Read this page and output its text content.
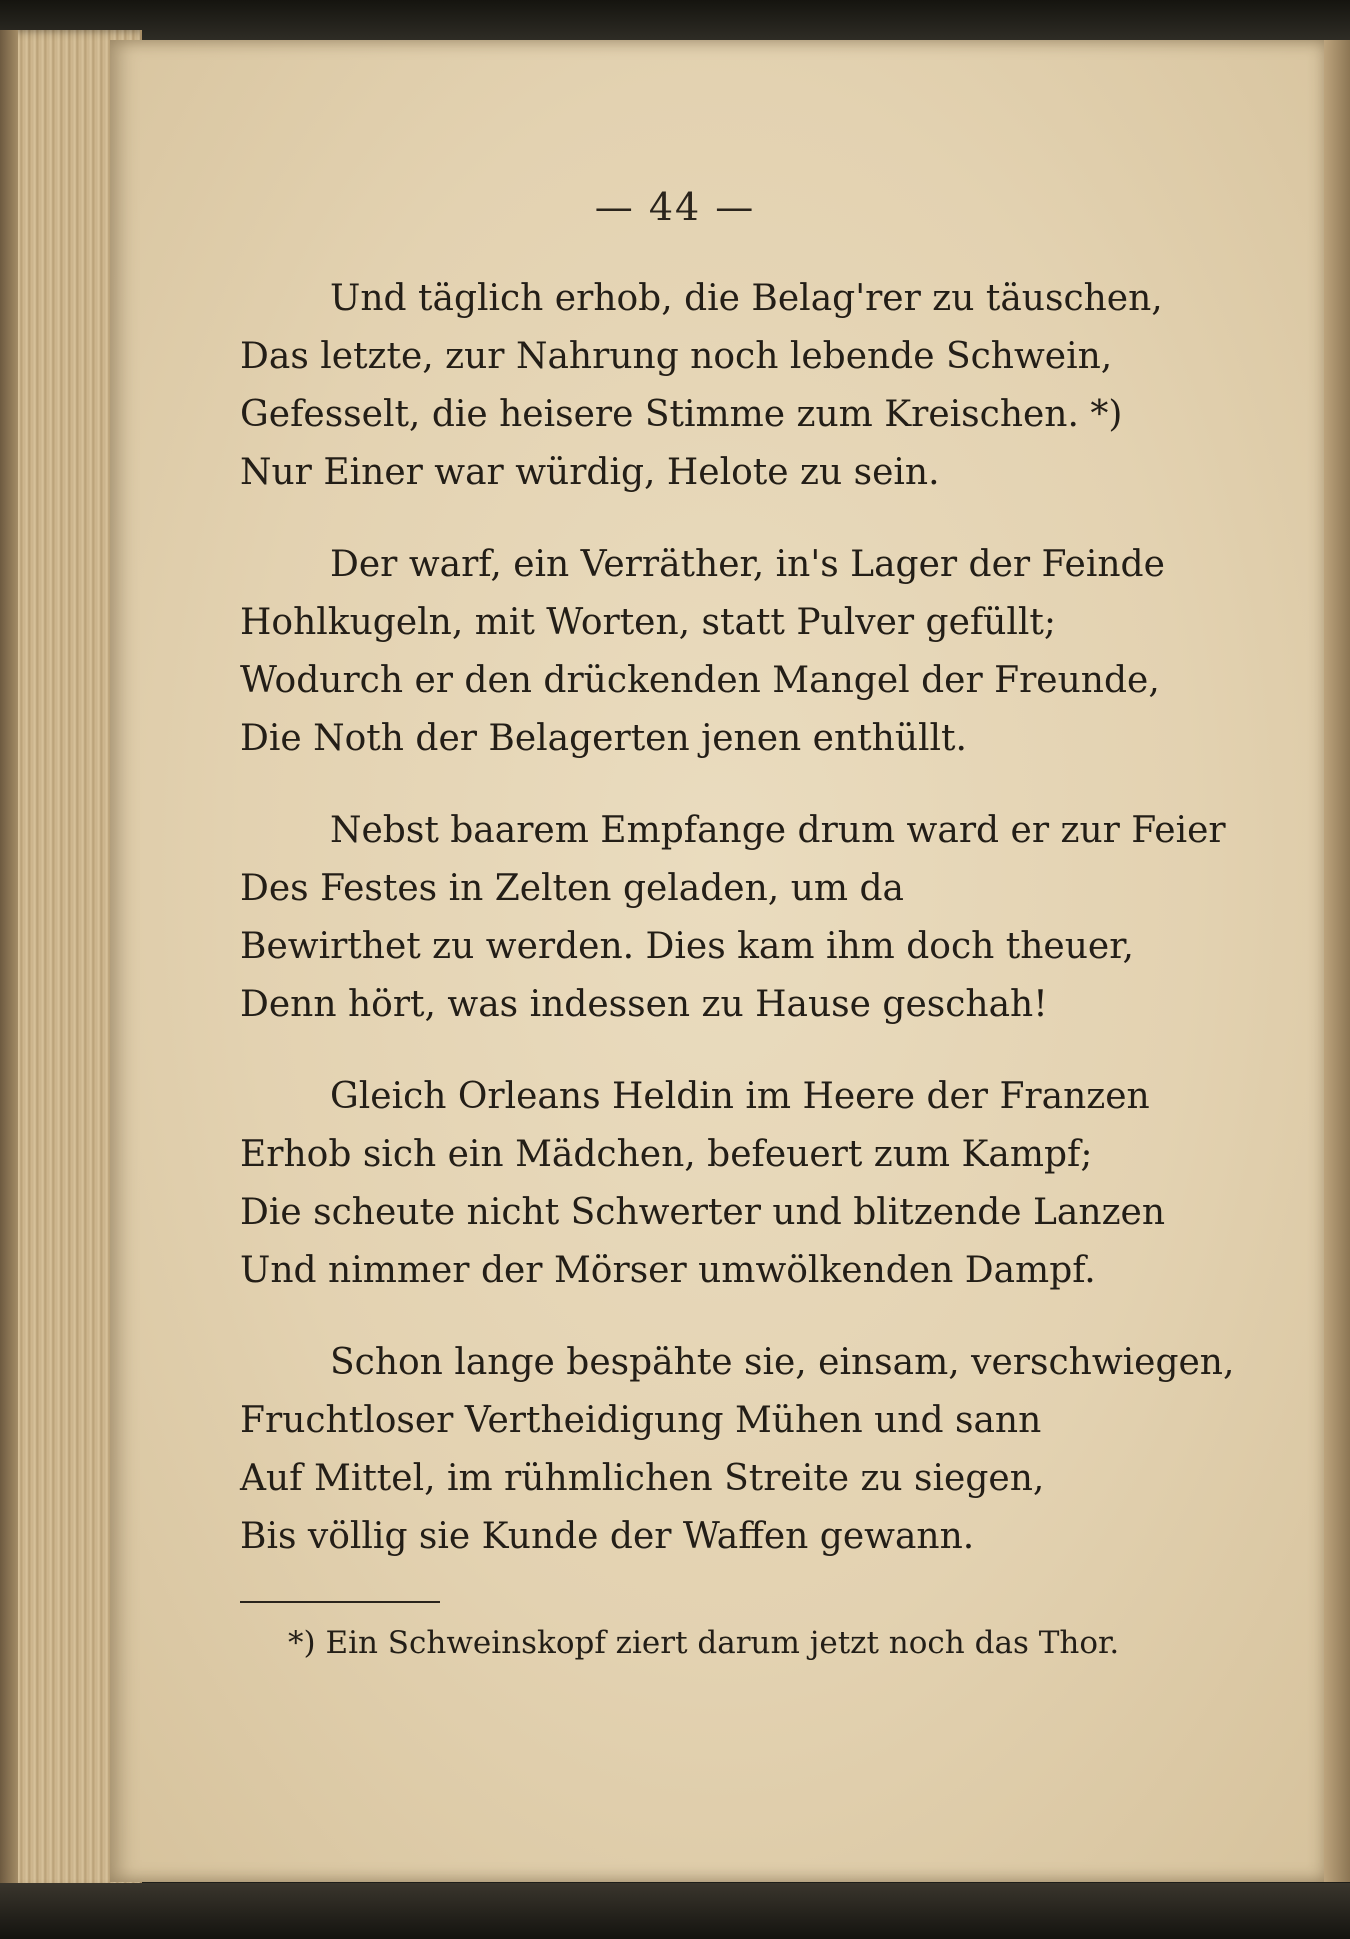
— 44 —
Und täglich erhob, die Belag'rer zu täuschen,
Das letzte, zur Nahrung noch lebende Schwein,
Gefesselt, die heisere Stimme zum Kreischen. *)
Nur Einer war würdig, Helote zu sein.
Der warf, ein Verräther, in's Lager der Feinde
Hohlkugeln, mit Worten, statt Pulver gefüllt;
Wodurch er den drückenden Mangel der Freunde,
Die Noth der Belagerten jenen enthüllt.
Nebst baarem Empfange drum ward er zur Feier
Des Festes in Zelten geladen, um da
Bewirthet zu werden. Dies kam ihm doch theuer,
Denn hört, was indessen zu Hause geschah!
Gleich Orleans Heldin im Heere der Franzen
Erhob sich ein Mädchen, befeuert zum Kampf;
Die scheute nicht Schwerter und blitzende Lanzen
Und nimmer der Mörser umwölkenden Dampf.
Schon lange bespähte sie, einsam, verschwiegen,
Fruchtloser Vertheidigung Mühen und sann
Auf Mittel, im rühmlichen Streite zu siegen,
Bis völlig sie Kunde der Waffen gewann.
*) Ein Schweinskopf ziert darum jetzt noch das Thor.
